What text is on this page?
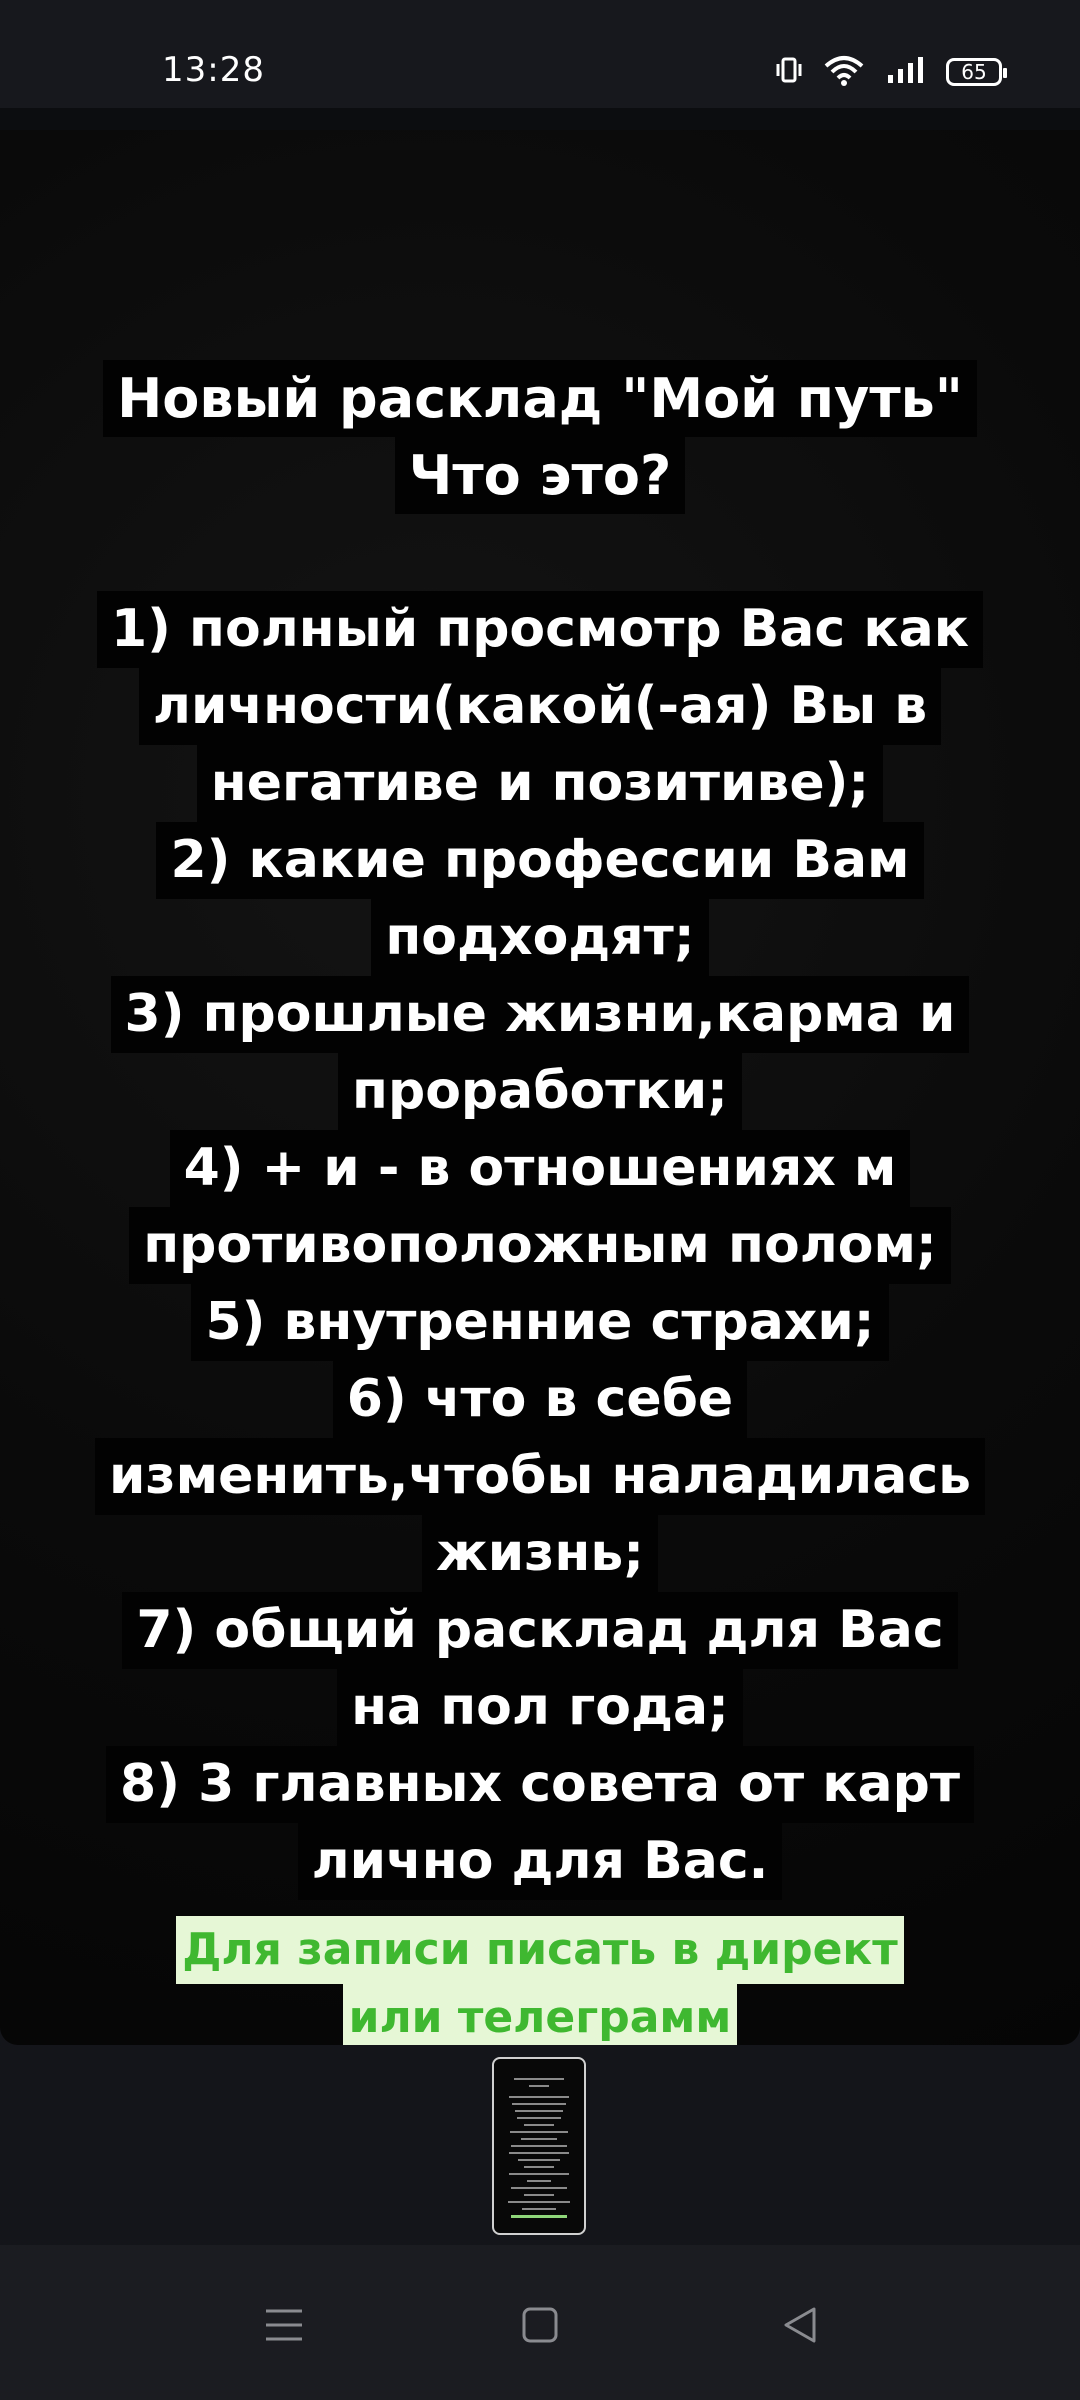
13:28	65
Новый расклад "Мой путь"
Что это?
1) полный просмотр Вас как
личности(какой(-ая) Вы в
негативе и позитиве);
2) какие профессии Вам
подходят;
3) прошлые жизни,карма и
проработки;
4) + и - в отношениях м
противоположным полом;
5) внутренние страхи;
6) что в себе
изменить,чтобы наладилась
жизнь;
7) общий расклад для Вас
на пол года;
8) 3 главных совета от карт
лично для Вас.
Для записи писать в директ
или телеграмм
